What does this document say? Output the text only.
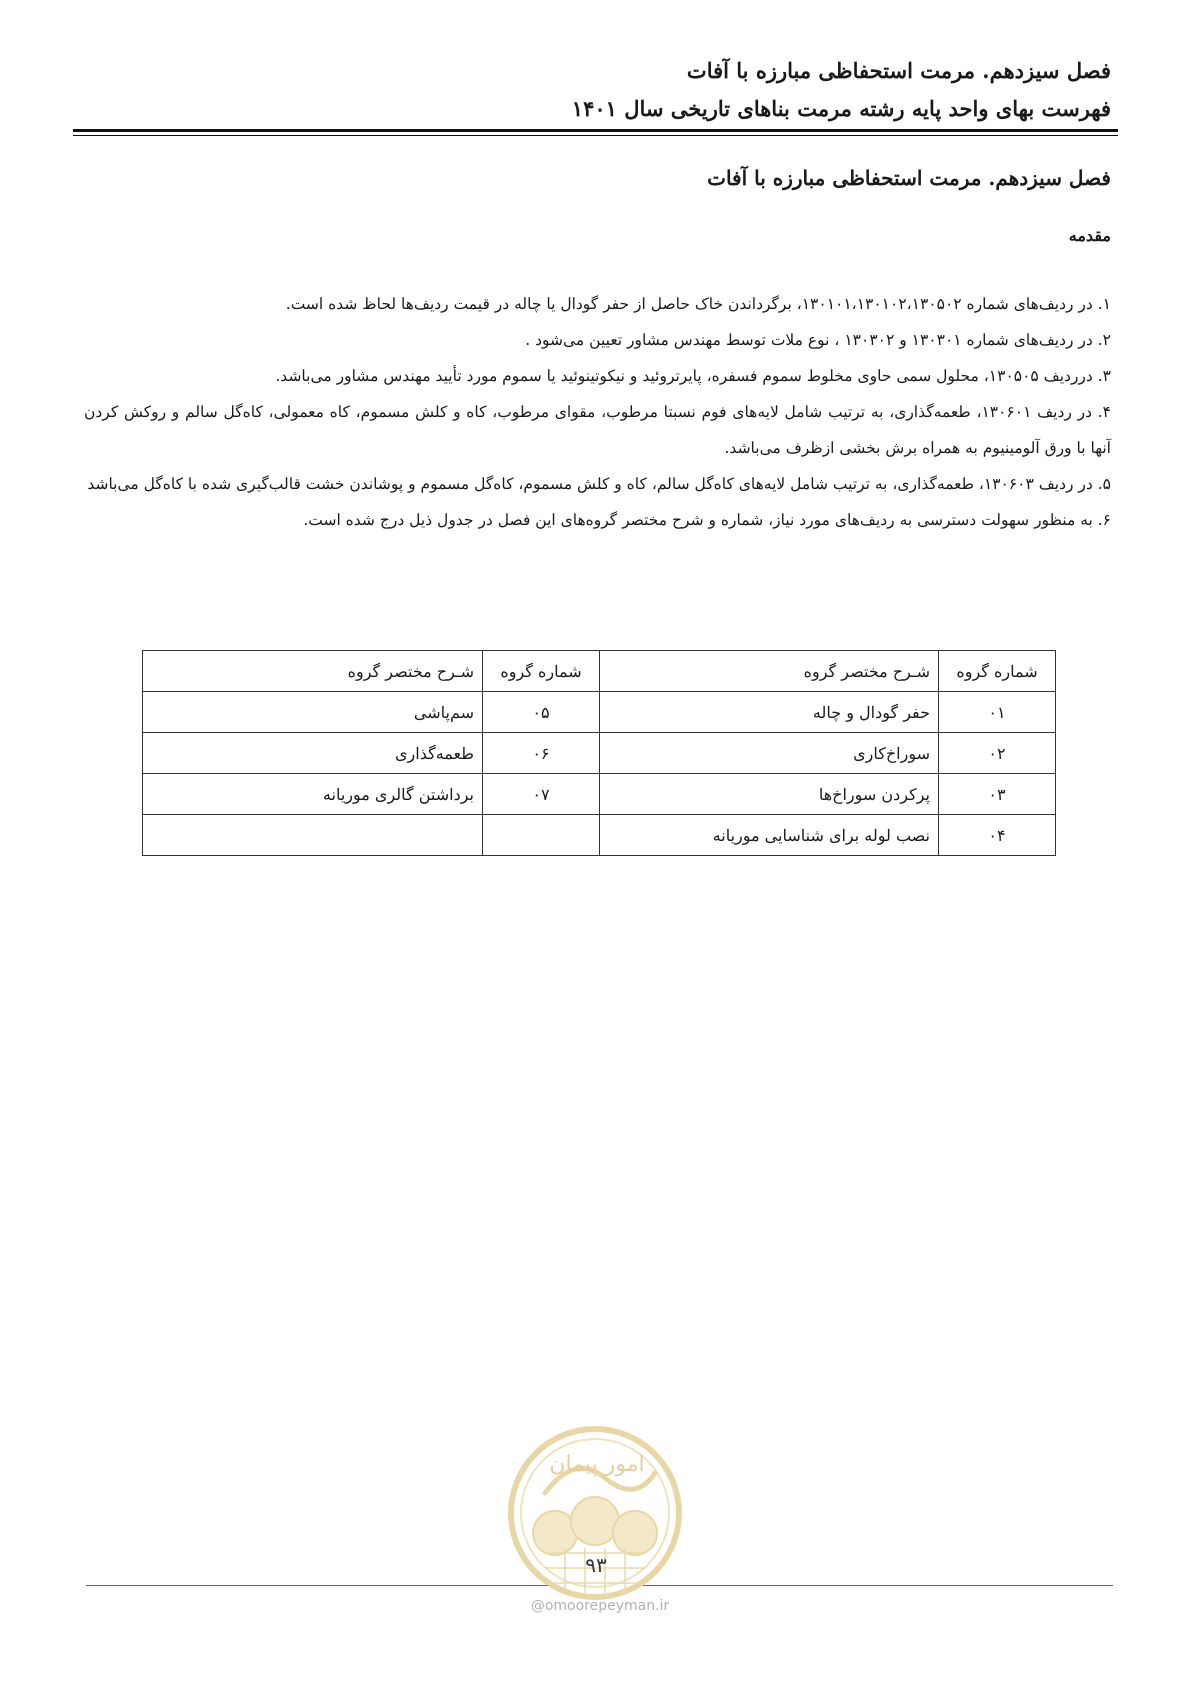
فصل سیزدهم. مرمت استحفاظی مبارزه با آفات
فهرست بهای واحد پایه رشته مرمت بناهای تاریخی سال ۱۴۰۱
فصل سیزدهم. مرمت استحفاظی مبارزه با آفات
مقدمه
۱. در ردیف‌های شماره ۱۳۰۱۰۱،۱۳۰۱۰۲،۱۳۰۵۰۲، برگرداندن خاک حاصل از حفر گودال یا چاله در قیمت ردیف‌ها لحاظ شده است.
۲. در ردیف‌های شماره ۱۳۰۳۰۱ و ۱۳۰۳۰۲ ، نوع ملات توسط مهندس مشاور تعیین می‌شود .
۳. درردیف ۱۳۰۵۰۵، محلول سمی حاوی مخلوط سموم فسفره، پایرتروئید و نیکوتینوئید یا سموم مورد تأیید مهندس مشاور می‌باشد.
۴. در ردیف ۱۳۰۶۰۱، طعمه‌گذاری، به ترتیب شامل لایه‌های فوم نسبتا مرطوب، مقوای مرطوب، کاه و کلش مسموم، کاه معمولی، کاه‌گل سالم و روکش کردن آنها با ورق آلومینیوم به همراه برش بخشی ازظرف می‌باشد.
۵. در ردیف ۱۳۰۶۰۳، طعمه‌گذاری، به ترتیب شامل لایه‌های کاه‌گل سالم، کاه و کلش مسموم، کاه‌گل مسموم و پوشاندن خشت قالب‌گیری شده با کاه‌گل می‌باشد
۶. به منظور سهولت دسترسی به ردیف‌های مورد نیاز، شماره و شرح مختصر گروه‌های این فصل در جدول ذیل درج شده است.
شماره گروه	شـرح مختصر گروه	شماره گروه	شـرح مختصر گروه
۰۱	حفر گودال و چاله	۰۵	سم‌پاشی
۰۲	سوراخ‌کاری	۰۶	طعمه‌گذاری
۰۳	پرکردن سوراخ‌ها	۰۷	برداشتن گالری موریانه
۰۴	نصب لوله برای شناسایی موریانه		
امور پیمان
۹۳
@omoorepeyman.ir
